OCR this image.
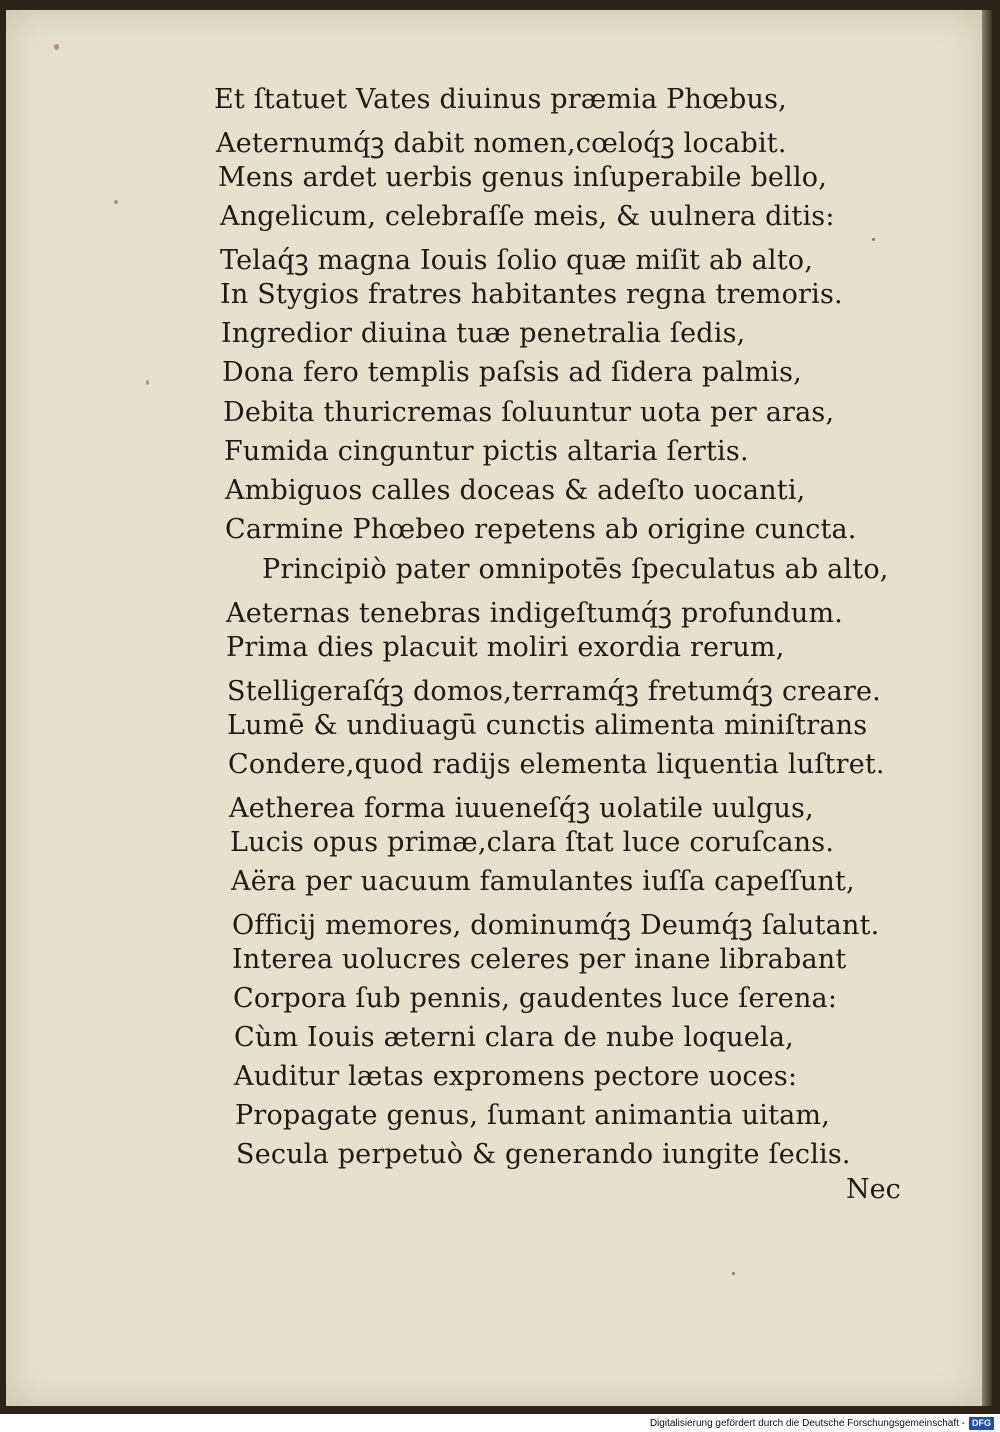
Et ſtatuet Vates diuinus præmia Phœbus,
Aeternumq́ꝫ dabit nomen,cœloq́ꝫ locabit.
Mens ardet uerbis genus inſuperabile bello,
Angelicum, celebraſſe meis, & uulnera ditis:
Telaq́ꝫ magna Iouis ſolio quæ miſit ab alto,
In Stygios fratres habitantes regna tremoris.
Ingredior diuina tuæ penetralia ſedis,
Dona fero templis paſsis ad ſidera palmis,
Debita thuricremas ſoluuntur uota per aras,
Fumida cinguntur pictis altaria ſertis.
Ambiguos calles doceas & adeſto uocanti,
Carmine Phœbeo repetens ab origine cuncta.
Principiò pater omnipotēs ſpeculatus ab alto,
Aeternas tenebras indigeſtumq́ꝫ profundum.
Prima dies placuit moliri exordia rerum,
Stelligeraſq́ꝫ domos,terramq́ꝫ fretumq́ꝫ creare.
Lumē & undiuagū cunctis alimenta miniſtrans
Condere,quod radijs elementa liquentia luſtret.
Aetherea forma iuueneſq́ꝫ uolatile uulgus,
Lucis opus primæ,clara ſtat luce coruſcans.
Aëra per uacuum famulantes iuſſa capeſſunt,
Officij memores, dominumq́ꝫ Deumq́ꝫ ſalutant.
Interea uolucres celeres per inane librabant
Corpora ſub pennis, gaudentes luce ſerena:
Cùm Iouis æterni clara de nube loquela,
Auditur lætas expromens pectore uoces:
Propagate genus, ſumant animantia uitam,
Secula perpetuò & generando iungite ſeclis.
Nec
Digitalisierung gefördert durch die Deutsche Forschungsgemeinschaft - DFG
